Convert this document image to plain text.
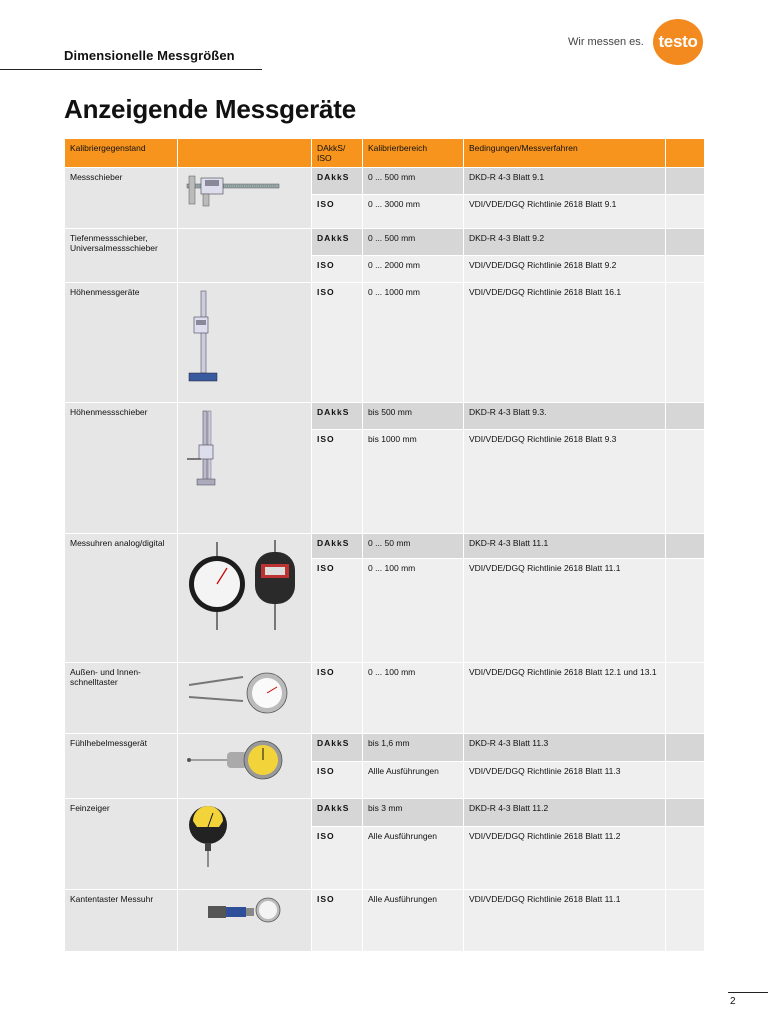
Dimensionelle Messgrößen
Wir messen es. testo
Anzeigende Messgeräte
Kalibriergegenstand		DAkkS/ ISO	Kalibrierbereich	Bedingungen/Messverfahren	
Messschieber		DAkkS	0 ... 500 mm	DKD-R 4-3 Blatt 9.1	
		ISO	0 ... 3000 mm	VDI/VDE/DGQ Richtlinie 2618 Blatt 9.1	
Tiefenmessschieber, Universalmessschieber		DAkkS	0 ... 500 mm	DKD-R 4-3 Blatt 9.2	
		ISO	0 ... 2000 mm	VDI/VDE/DGQ Richtlinie 2618 Blatt 9.2	
Höhenmessgeräte		ISO	0 ... 1000 mm	VDI/VDE/DGQ Richtlinie 2618 Blatt 16.1	
Höhenmessschieber		DAkkS	bis 500 mm	DKD-R 4-3 Blatt 9.3.	
		ISO	bis 1000 mm	VDI/VDE/DGQ Richtlinie 2618 Blatt 9.3	
Messuhren analog/digital		DAkkS	0 ... 50 mm	DKD-R 4-3 Blatt 11.1	
		ISO	0 ... 100 mm	VDI/VDE/DGQ Richtlinie 2618 Blatt 11.1	
Außen- und Innen-schnelltaster		ISO	0 ... 100 mm	VDI/VDE/DGQ Richtlinie 2618 Blatt 12.1 und 13.1	
Fühlhebelmessgerät		DAkkS	bis 1,6 mm	DKD-R 4-3 Blatt 11.3	
		ISO	Allle Ausführungen	VDI/VDE/DGQ Richtlinie 2618 Blatt 11.3	
Feinzeiger		DAkkS	bis 3 mm	DKD-R 4-3 Blatt 11.2	
		ISO	Alle Ausführungen	VDI/VDE/DGQ Richtlinie 2618 Blatt 11.2	
Kantentaster Messuhr		ISO	Alle Ausführungen	VDI/VDE/DGQ Richtlinie 2618 Blatt 11.1	
2
